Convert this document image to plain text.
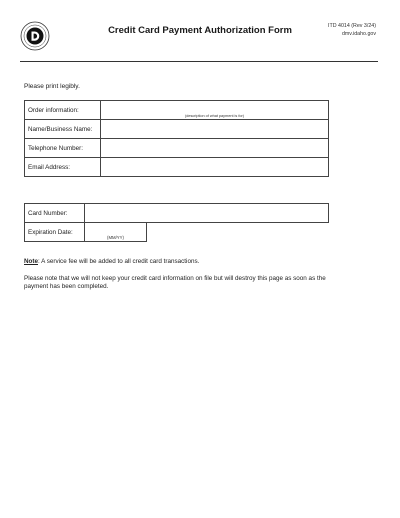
Credit Card Payment Authorization Form	ITD 4014 (Rev 3/24)
dmv.idaho.gov
Please print legibly.
Order information:	(description of what payment is for)

Name/Business Name:	
Telephone Number:	
Email Address:	
Card Number:		
Expiration Date:	(MM/YY)	

Note: A service fee will be added to all credit card transactions.
Please note that we will not keep your credit card information on file but will destroy this page as soon as the payment has been completed.
